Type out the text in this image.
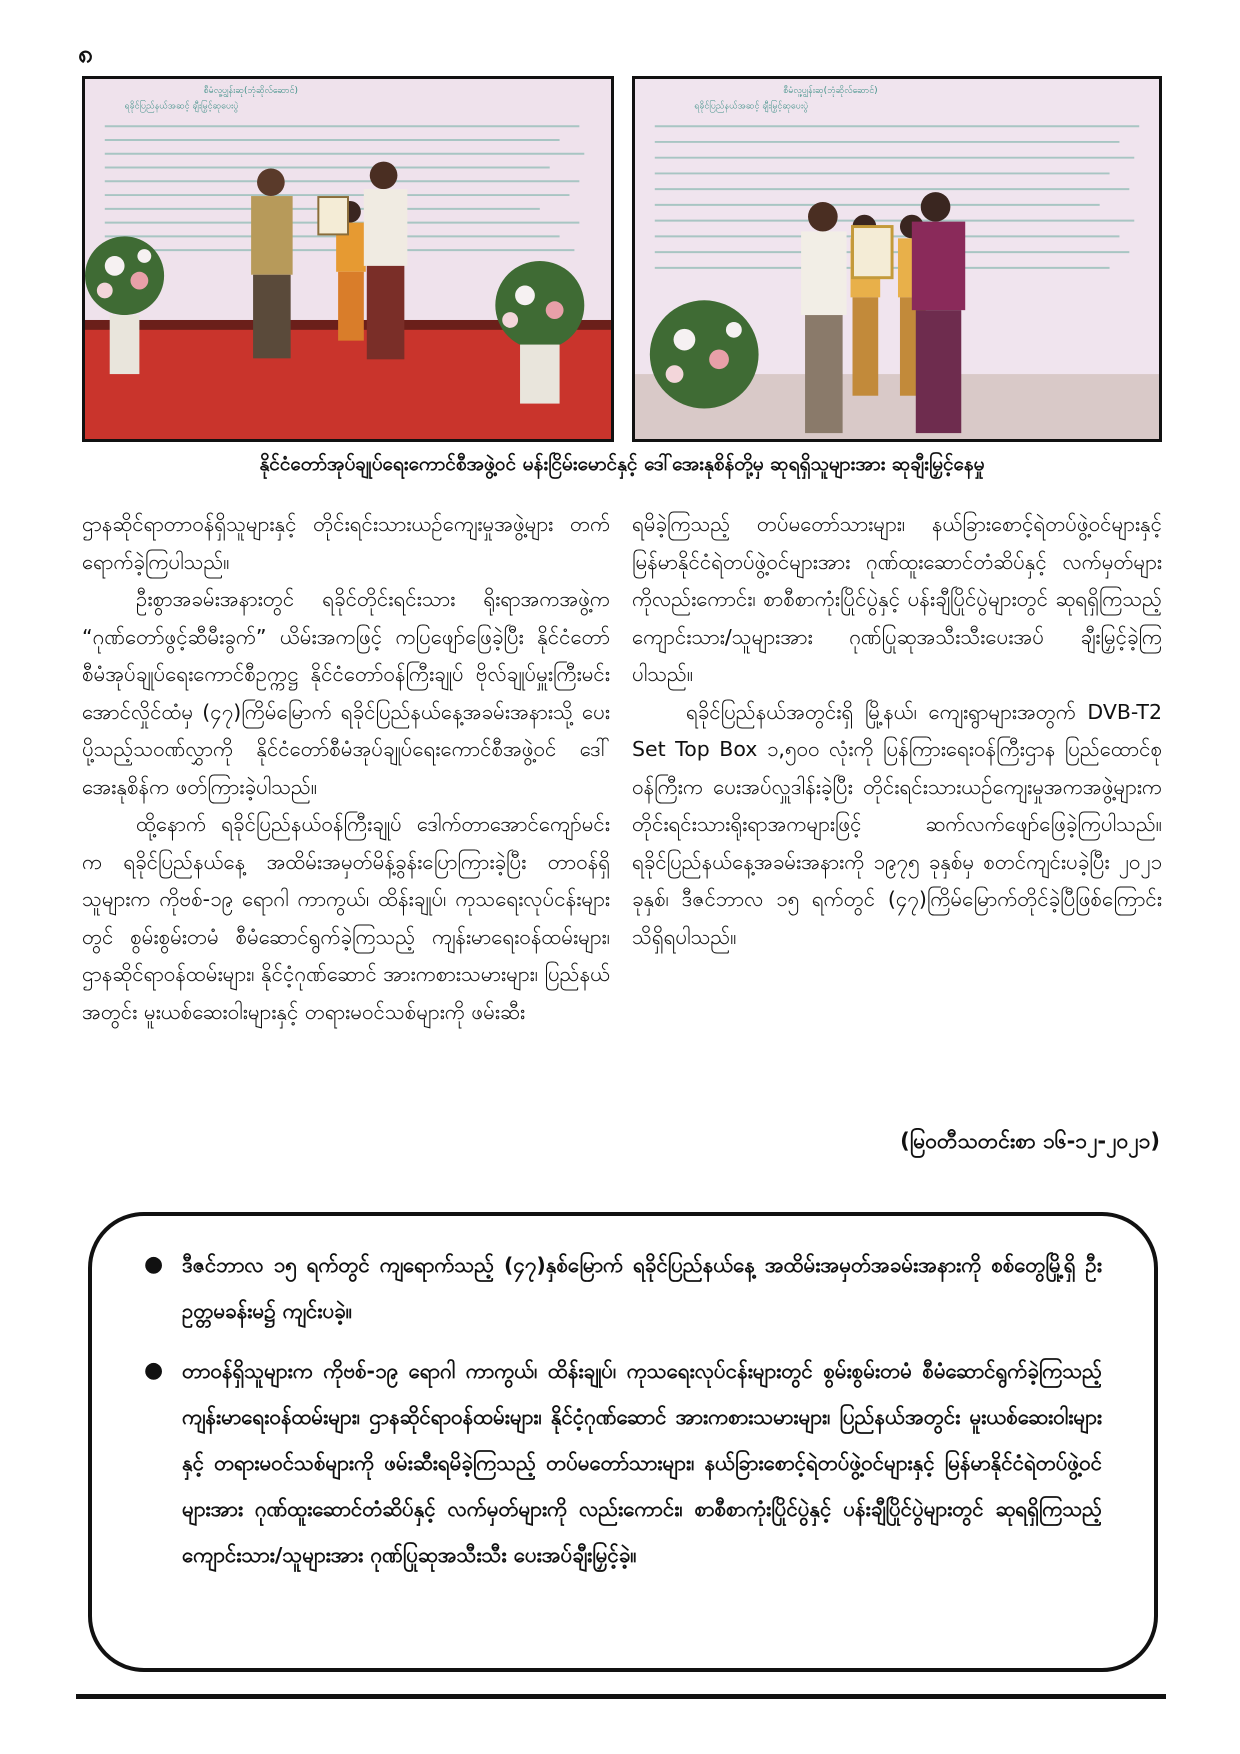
၈
စီမံလူ့ပျွန်းဆု(ဘုံဆိုလ်ဆောင်)
ရခိုင်ပြည်နယ်အဆင့် ချီးမြှင့်ဆုပေးပွဲ
စီမံလူ့ပျွန်းဆု(ဘုံဆိုလ်ဆောင်)
ရခိုင်ပြည်နယ်အဆင့် ချီးမြှင့်ဆုပေးပွဲ
နိုင်ငံတော်အုပ်ချုပ်ရေးကောင်စီအဖွဲ့ဝင် မန်းငြိမ်းမောင်နှင့် ဒေါ်အေးနုစိန်တို့မှ ဆုရရှိသူများအား ဆုချီးမြှင့်နေမှု

ဌာနဆိုင်ရာတာဝန်ရှိသူများနှင့် တိုင်းရင်းသားယဉ်ကျေးမှုအဖွဲ့များ တက်ရောက်ခဲ့ကြပါသည်။

ဦးစွာအခမ်းအနားတွင် ရခိုင်တိုင်းရင်းသား ရိုးရာအကအဖွဲ့က “ဂုဏ်တော်ဖွင့်ဆီမီးခွက်” ယိမ်းအကဖြင့် ကပြဖျော်ဖြေခဲ့ပြီး နိုင်ငံတော်စီမံအုပ်ချုပ်ရေးကောင်စီဥက္ကဋ္ဌ နိုင်ငံတော်ဝန်ကြီးချုပ် ဗိုလ်ချုပ်မှူးကြီးမင်းအောင်လှိုင်ထံမှ (၄၇)ကြိမ်မြောက် ရခိုင်ပြည်နယ်နေ့အခမ်းအနားသို့ ပေးပို့သည့်သဝဏ်လွှာကို နိုင်ငံတော်စီမံအုပ်ချုပ်ရေးကောင်စီအဖွဲ့ဝင် ဒေါ်အေးနုစိန်က ဖတ်ကြားခဲ့ပါသည်။

ထို့နောက် ရခိုင်ပြည်နယ်ဝန်ကြီးချုပ် ဒေါက်တာအောင်ကျော်မင်းက ရခိုင်ပြည်နယ်နေ့ အထိမ်းအမှတ်မိန့်ခွန်းပြောကြားခဲ့ပြီး တာဝန်ရှိသူများက ကိုဗစ်-၁၉ ရောဂါ ကာကွယ်၊ ထိန်းချုပ်၊ ကုသရေးလုပ်ငန်းများတွင် စွမ်းစွမ်းတမံ စီမံဆောင်ရွက်ခဲ့ကြသည့် ကျန်းမာရေးဝန်ထမ်းများ၊ ဌာနဆိုင်ရာဝန်ထမ်းများ၊ နိုင်ငံ့ဂုဏ်ဆောင် အားကစားသမားများ၊ ပြည်နယ်အတွင်း မူးယစ်ဆေးဝါးများနှင့် တရားမဝင်သစ်များကို ဖမ်းဆီး

ရမိခဲ့ကြသည့် တပ်မတော်သားများ၊ နယ်ခြားစောင့်ရဲတပ်ဖွဲ့ဝင်များနှင့် မြန်မာနိုင်ငံရဲတပ်ဖွဲ့ဝင်များအား ဂုဏ်ထူးဆောင်တံဆိပ်နှင့် လက်မှတ်များကိုလည်းကောင်း၊ စာစီစာကုံးပြိုင်ပွဲနှင့် ပန်းချီပြိုင်ပွဲများတွင် ဆုရရှိကြသည့်ကျောင်းသား/သူများအား ဂုဏ်ပြုဆုအသီးသီးပေးအပ် ချီးမြှင့်ခဲ့ကြပါသည်။

ရခိုင်ပြည်နယ်အတွင်းရှိ မြို့နယ်၊ ကျေးရွာများအတွက် DVB-T2 Set Top Box ၁,၅၀၀ လုံးကို ပြန်ကြားရေးဝန်ကြီးဌာန ပြည်ထောင်စုဝန်ကြီးက ပေးအပ်လှူဒါန်းခဲ့ပြီး တိုင်းရင်းသားယဉ်ကျေးမှုအကအဖွဲ့များက တိုင်းရင်းသားရိုးရာအကများဖြင့် ဆက်လက်ဖျော်ဖြေခဲ့ကြပါသည်။ ရခိုင်ပြည်နယ်နေ့အခမ်းအနားကို ၁၉၇၅ ခုနှစ်မှ စတင်ကျင်းပခဲ့ပြီး ၂၀၂၁ ခုနှစ်၊ ဒီဇင်ဘာလ ၁၅ ရက်တွင် (၄၇)ကြိမ်မြောက်တိုင်ခဲ့ပြီဖြစ်ကြောင်း သိရှိရပါသည်။

(မြဝတီသတင်းစာ ၁၆-၁၂-၂၀၂၁)
● ဒီဇင်ဘာလ ၁၅ ရက်တွင် ကျရောက်သည့် (၄၇)နှစ်မြောက် ရခိုင်ပြည်နယ်နေ့ အထိမ်းအမှတ်အခမ်းအနားကို စစ်တွေမြို့ရှိ ဦးဥတ္တမခန်းမ၌ ကျင်းပခဲ့။
● တာဝန်ရှိသူများက ကိုဗစ်-၁၉ ရောဂါ ကာကွယ်၊ ထိန်းချုပ်၊ ကုသရေးလုပ်ငန်းများတွင် စွမ်းစွမ်းတမံ စီမံဆောင်ရွက်ခဲ့ကြသည့် ကျန်းမာရေးဝန်ထမ်းများ၊ ဌာနဆိုင်ရာဝန်ထမ်းများ၊ နိုင်ငံ့ဂုဏ်ဆောင် အားကစားသမားများ၊ ပြည်နယ်အတွင်း မူးယစ်ဆေးဝါးများနှင့် တရားမဝင်သစ်များကို ဖမ်းဆီးရမိခဲ့ကြသည့် တပ်မတော်သားများ၊ နယ်ခြားစောင့်ရဲတပ်ဖွဲ့ဝင်များနှင့် မြန်မာနိုင်ငံရဲတပ်ဖွဲ့ဝင်များအား ဂုဏ်ထူးဆောင်တံဆိပ်နှင့် လက်မှတ်များကို လည်းကောင်း၊ စာစီစာကုံးပြိုင်ပွဲနှင့် ပန်းချီပြိုင်ပွဲများတွင် ဆုရရှိကြသည့် ကျောင်းသား/သူများအား ဂုဏ်ပြုဆုအသီးသီး ပေးအပ်ချီးမြှင့်ခဲ့။
